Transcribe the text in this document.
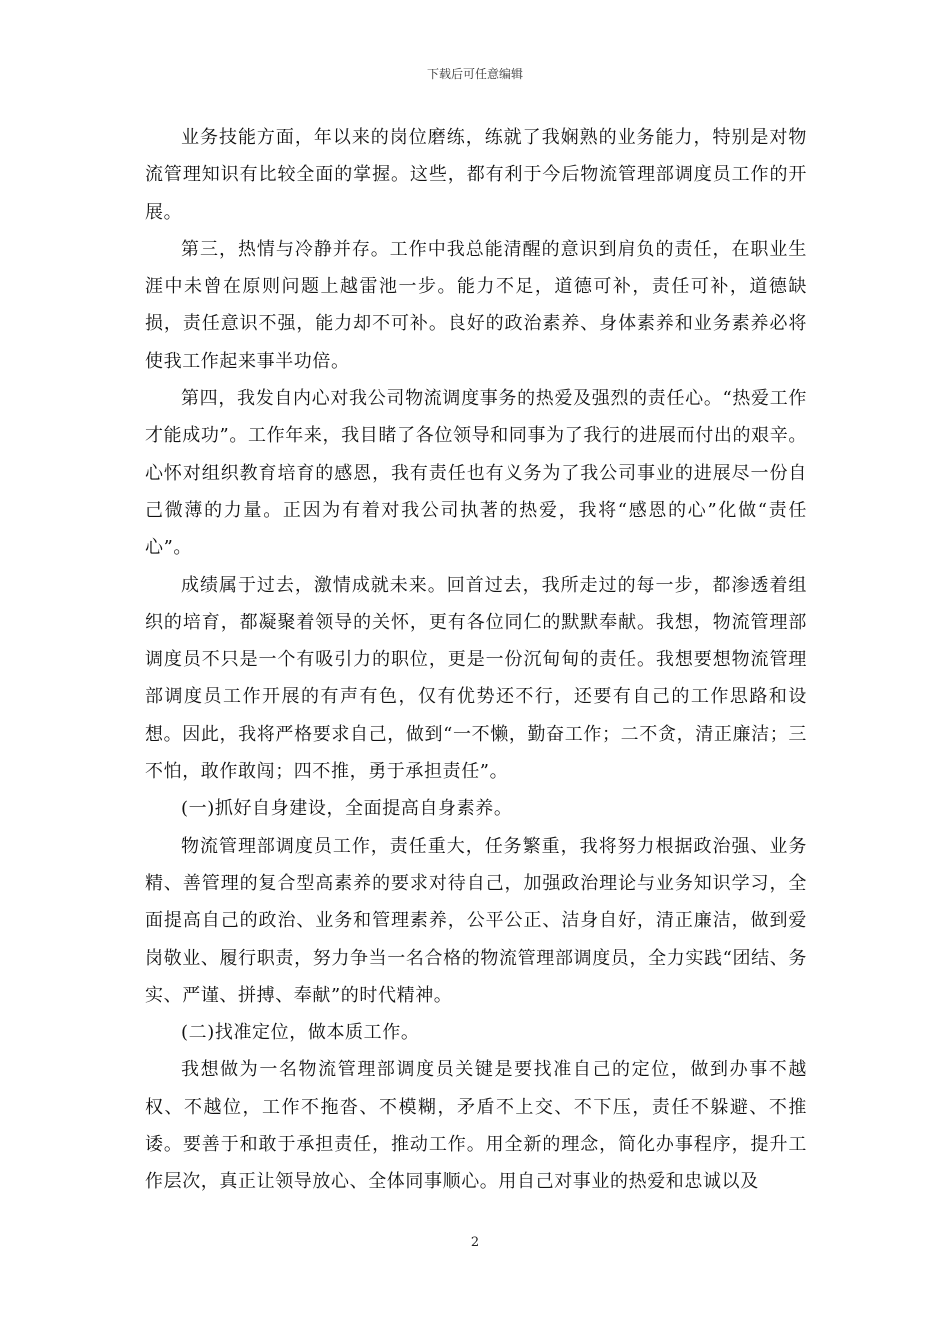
下载后可任意编辑

业务技能方面，年以来的岗位磨练，练就了我娴熟的业务能力，特别是对物流管理知识有比较全面的掌握。这些，都有利于今后物流管理部调度员工作的开展。

第三，热情与冷静并存。工作中我总能清醒的意识到肩负的责任，在职业生涯中未曾在原则问题上越雷池一步。能力不足，道德可补，责任可补，道德缺损，责任意识不强，能力却不可补。良好的政治素养、身体素养和业务素养必将使我工作起来事半功倍。

第四，我发自内心对我公司物流调度事务的热爱及强烈的责任心。“热爱工作才能成功”。工作年来，我目睹了各位领导和同事为了我行的进展而付出的艰辛。心怀对组织教育培育的感恩，我有责任也有义务为了我公司事业的进展尽一份自己微薄的力量。正因为有着对我公司执著的热爱，我将“感恩的心”化做“责任心”。

成绩属于过去，激情成就未来。回首过去，我所走过的每一步，都渗透着组织的培育，都凝聚着领导的关怀，更有各位同仁的默默奉献。我想，物流管理部调度员不只是一个有吸引力的职位，更是一份沉甸甸的责任。我想要想物流管理部调度员工作开展的有声有色，仅有优势还不行，还要有自己的工作思路和设想。因此，我将严格要求自己，做到“一不懒，勤奋工作；二不贪，清正廉洁；三不怕，敢作敢闯；四不推，勇于承担责任”。

(一)抓好自身建设，全面提高自身素养。

物流管理部调度员工作，责任重大，任务繁重，我将努力根据政治强、业务精、善管理的复合型高素养的要求对待自己，加强政治理论与业务知识学习，全面提高自己的政治、业务和管理素养，公平公正、洁身自好，清正廉洁，做到爱岗敬业、履行职责，努力争当一名合格的物流管理部调度员，全力实践“团结、务实、严谨、拼搏、奉献”的时代精神。

(二)找准定位，做本质工作。

我想做为一名物流管理部调度员关键是要找准自己的定位，做到办事不越权、不越位，工作不拖沓、不模糊，矛盾不上交、不下压，责任不躲避、不推诿。要善于和敢于承担责任，推动工作。用全新的理念，简化办事程序，提升工作层次，真正让领导放心、全体同事顺心。用自己对事业的热爱和忠诚以及

2
